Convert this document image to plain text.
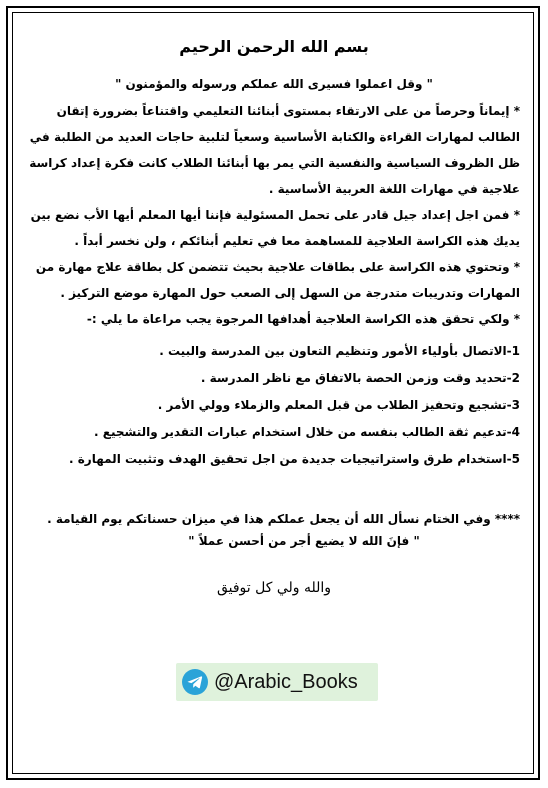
بسم الله الرحمن الرحيم
" وقل اعملوا فسيرى الله عملكم ورسوله والمؤمنون "

* إيماناً وحرصاً من على الارتقاء بمستوى أبنائنا التعليمي واقتناعاً بضرورة إتقان الطالب لمهارات القراءة والكتابة الأساسية وسعياً لتلبية حاجات العديد من الطلبة في ظل الظروف السياسية والنفسية التي يمر بها أبنائنا الطلاب كانت فكرة إعداد كراسة علاجية في مهارات اللغة العربية الأساسية .

* فمن اجل إعداد جيل قادر على تحمل المسئولية فإننا أيها المعلم أيها الأب نضع بين يديك هذه الكراسة العلاجية للمساهمة معا في تعليم أبنائكم ، ولن نخسر أبداً .

* وتحتوي هذه الكراسة على بطاقات علاجية بحيث تتضمن كل بطاقة علاج مهارة من المهارات وتدريبات متدرجة من السهل إلى الصعب حول المهارة موضع التركيز .

* ولكي تحقق هذه الكراسة العلاجية أهدافها المرجوة يجب مراعاة ما يلي :-

1-الاتصال بأولياء الأمور وتنظيم التعاون بين المدرسة والبيت .
2-تحديد وقت وزمن الحصة بالاتفاق مع ناظر المدرسة .
3-تشجيع وتحفيز الطلاب من قبل المعلم والزملاء وولي الأمر .
4-تدعيم ثقة الطالب بنفسه من خلال استخدام عبارات التقدير والتشجيع .
5-استخدام طرق واستراتيجيات جديدة من اجل تحقيق الهدف وتثبيت المهارة .

**** وفي الختام نسأل الله أن يجعل عملكم هذا في ميزان حسناتكم يوم القيامة .

" فإنَ الله لا يضيع أجر من أحسن عملاً "
والله ولي كل توفيق
@Arabic_Books
